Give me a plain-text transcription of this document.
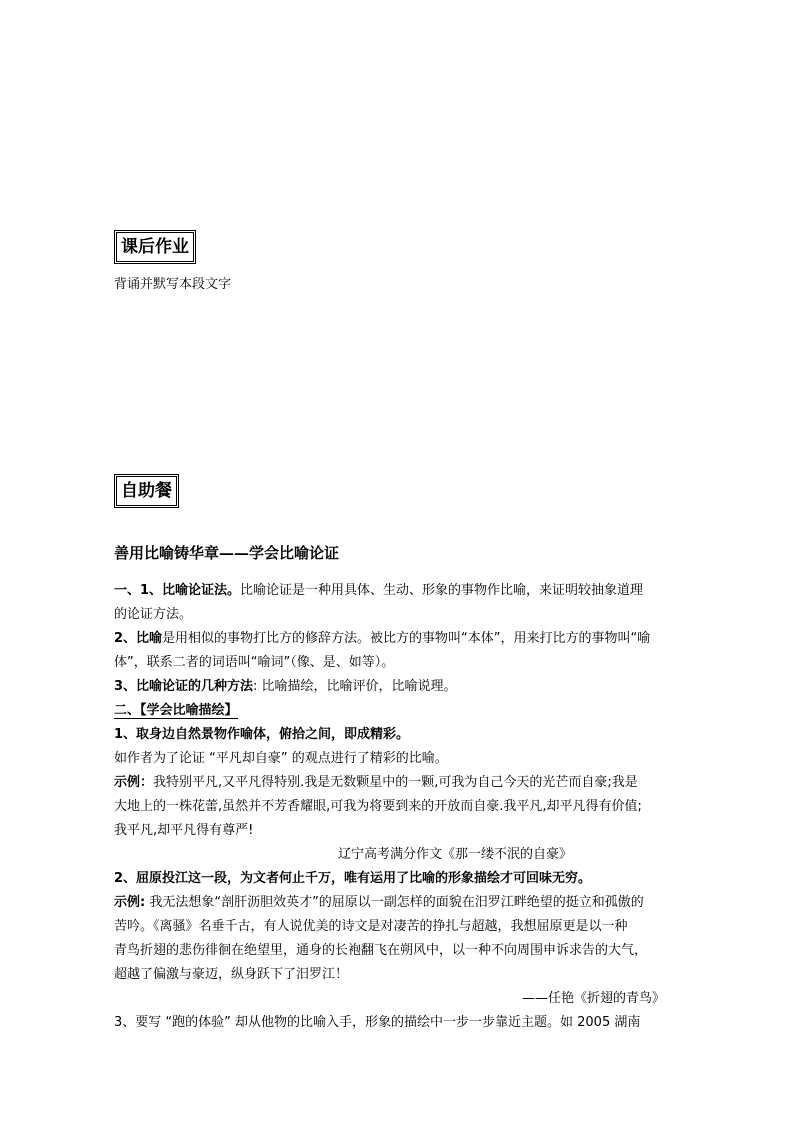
课后作业
背诵并默写本段文字
自助餐
善用比喻铸华章——学会比喻论证
一、1、比喻论证法。比喻论证是一种用具体、生动、形象的事物作比喻，来证明较抽象道理
的论证方法。
2、比喻是用相似的事物打比方的修辞方法。被比方的事物叫“本体”，用来打比方的事物叫“喻
体”，联系二者的词语叫“喻词”（像、是、如等）。
3、比喻论证的几种方法: 比喻描绘，比喻评价，比喻说理。
二、【学会比喻描绘】
1、取身边自然景物作喻体，俯拾之间，即成精彩。
如作者为了论证 “平凡却自豪” 的观点进行了精彩的比喻。
示例：我特别平凡,又平凡得特别.我是无数颗星中的一颗,可我为自己今天的光芒而自豪;我是
大地上的一株花蕾,虽然并不芳香耀眼,可我为将要到来的开放而自豪.我平凡,却平凡得有价值;
我平凡,却平凡得有尊严!
辽宁高考满分作文《那一缕不泯的自豪》
2、屈原投江这一段，为文者何止千万，唯有运用了比喻的形象描绘才可回味无穷。
示例: 我无法想象“剖肝沥胆效英才”的屈原以一副怎样的面貌在汨罗江畔绝望的挺立和孤傲的
苦吟。《离骚》名垂千古，有人说优美的诗文是对凄苦的挣扎与超越，我想屈原更是以一种
青鸟折翅的悲伤徘徊在绝望里，通身的长袍翻飞在朔风中，以一种不向周围申诉求告的大气，
超越了偏激与豪迈，纵身跃下了汨罗江！
——任艳《折翅的青鸟》
3、要写 “跑的体验” 却从他物的比喻入手，形象的描绘中一步一步靠近主题。如 2005 湖南
